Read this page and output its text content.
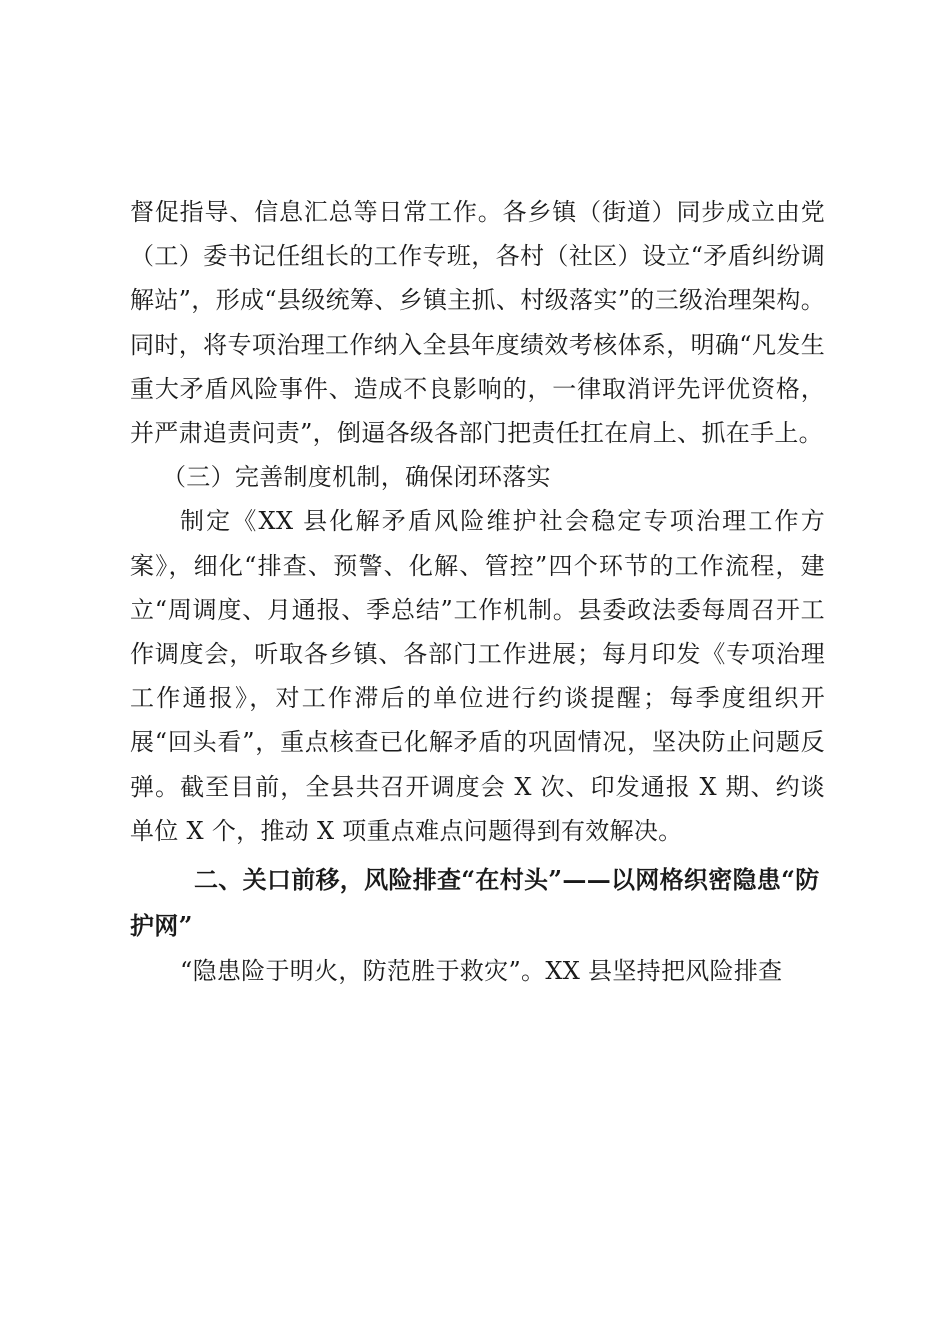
督促指导、信息汇总等日常工作。各乡镇（街道）同步成立由党（工）委书记任组长的工作专班，各村（社区）设立“矛盾纠纷调解站”，形成“县级统筹、乡镇主抓、村级落实”的三级治理架构。同时，将专项治理工作纳入全县年度绩效考核体系，明确“凡发生重大矛盾风险事件、造成不良影响的，一律取消评先评优资格，并严肃追责问责”，倒逼各级各部门把责任扛在肩上、抓在手上。

（三）完善制度机制，确保闭环落实

制定《XX 县化解矛盾风险维护社会稳定专项治理工作方案》，细化“排查、预警、化解、管控”四个环节的工作流程，建立“周调度、月通报、季总结”工作机制。县委政法委每周召开工作调度会，听取各乡镇、各部门工作进展；每月印发《专项治理工作通报》，对工作滞后的单位进行约谈提醒；每季度组织开展“回头看”，重点核查已化解矛盾的巩固情况，坚决防止问题反弹。截至目前，全县共召开调度会 X 次、印发通报 X 期、约谈单位 X 个，推动 X 项重点难点问题得到有效解决。

二、关口前移，风险排查“在村头”——以网格织密隐患“防护网”

“隐患险于明火，防范胜于救灾”。XX 县坚持把风险排查
